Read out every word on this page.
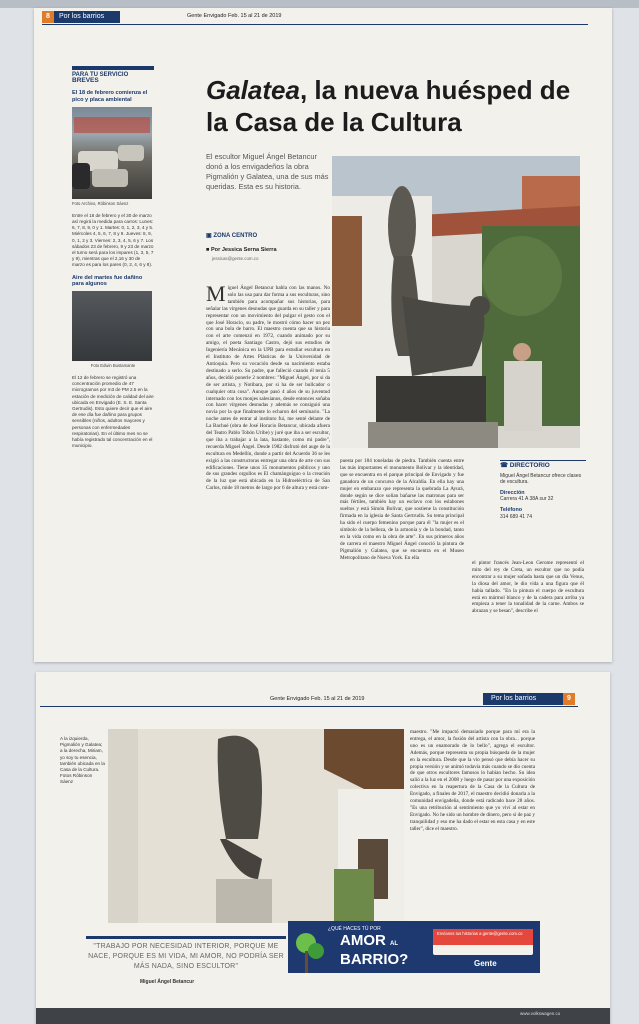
8	Por los barrios	Gente Envigado Feb. 15 al 21 de 2019
PARA TU SERVICIO
BREVES
El 18 de febrero comienza el pico y placa ambiental
Foto Archivo, Róbinson Sáenz

Entre el 18 de febrero y el 30 de marzo así regirá la medida para carros: Lunes: 6, 7, 8, 9, 0 y 1. Martes: 0, 1, 2, 3, 4 y 5. Miércoles 4, 5, 6, 7, 8 y 9. Jueves: 8, 9, 0, 1, 2 y 3. Viernes: 2, 3, 4, 5, 6 y 7. Los sábados 23 de febrero, 9 y 23 de marzo el turno será para los impares (1, 3, 5, 7 y 9), mientras que el 2,16 y 30 de marzo es para los pares (0, 2, 4, 6 y 8).

Aire del martes fue dañino para algunos
Foto Edwin Bustamante

El 12 de febrero se registró una concentración promedio de 47 microgramos por m3 de PM 2.5 en la estación de medición de calidad del aire ubicada en Envigado (E. S. E. Santa Gertrudis). Esto quiere decir que el aire de ese día fue dañino para grupos sensibles (niños, adultos mayores y personas con enfermedades respiratorias). En el último mes no se había registrado tal concentración en el municipio.

Galatea, la nueva huésped de la Casa de la Cultura
El escultor Miguel Ángel Betancur donó a los envigadeños la obra Pigmalión y Galatea, una de sus más queridas. Esta es su historia.
▣ ZONA CENTRO
■ Por Jessica Serna Sierra
jessicas@gente.com.co
Miguel Ángel Betancur habla con las manos. No solo las usa para dar forma a sus esculturas, sino también para acompañar sus historias, para señalar las vírgenes desnudas que guarda en su taller y para representar con un movimiento del pulgar el gesto con el que José Horacio, su padre, le mostró cómo hacer un pez con una bola de barro. El maestro cuenta que su historia con el arte comenzó en 1972, cuando animado por su amigo, el poeta Santiago Castro, dejó sus estudios de Ingeniería Mecánica en la UPB para estudiar escultura en el Instituto de Artes Plásticas de la Universidad de Antioquia. Pero su vocación desde su nacimiento estaba destinado a serlo. Su padre, que falleció cuando él tenía 5 años, decidió ponerle 2 nombres: "Miguel Ángel, por si da de ser artista, y Notibara, por si ha de ser bullcador o cualquier otra cosa". Aunque pasó 4 años de su juventud internado con los monjes salesianos, desde entonces soñaba con hacer vírgenes desnudas y además se consiguió una novia por la que finalmente lo echaron del seminario. "La noche antes de entrar al instituto fui, me senté delante de La Bachué (obra de José Horacio Betancur, ubicada afuera del Teatro Pablo Tobón Uribe) y juré que iba a ser escultor, que iba a trabajar a la lata, bastante, como mi padre", recuerda Miguel Ángel. Desde 1982 disfrutó del auge de la escultura en Medellín, donde a partir del Acuerdo 36 se les exigió a las constructoras entregar una obra de arte con sus edificaciones. Tiene unos 35 monumentos públicos y uno de sus grandes orgullos es El chamánguiguo o la creación de la luz que está ubicada en la Hidroeléctrica de San Carlos, mide 18 metros de largo por 6 de altura y está com-
puesta por 184 toneladas de piedra. También cuenta entre las más importantes el monumento Bolívar y la identidad, que se encuentra en el parque principal de Envigado y fue ganadora de un concurso de la Alcaldía. En ella hay una mujer en embarazo que representa la quebrada La Ayurá, donde según se dice solían bañarse las matronas para ser más fértiles, también hay un esclavo con los eslabones sueltos y está Simón Bolívar, que sostiene la constitución firmada en la iglesia de Santa Gertrudis. Su tema principal ha sido el cuerpo femenino porque para él "la mujer es el símbolo de la belleza, de la armonía y de la bondad, tanto en la vida como en la obra de arte". En sus primeros años de carrera el maestro Miguel Ángel conoció la pintura de Pigmalión y Galatea, que se encuentra en el Museo Metropolitano de Nueva York. En ella
☎ DIRECTORIO
Miguel Ángel Betancur ofrece clases de escultura.
Dirección
Carrera 41 A 38A sur 32
Teléfono
314 689 41 74
el pintor francés Jean-Leon Gerome representó el mito del rey de Creta, un escultor que no podía encontrar a su mujer soñada hasta que un día Venus, la diosa del amor, le dio vida a una figura que él había tallado. "En la pintura el cuerpo de escultura está en mármol blanco y de la cadera para arriba ya empieza a tener la tonalidad de la carne. Ambos se abrazan y se besan", describe el
Gente Envigado Feb. 15 al 21 de 2019	Por los barrios	9
A la izquierda, Pigmalión y Galatea; a la derecha, Miriam, yo soy tu esencia, también ubicada en la Casa de la Cultura. Fotos Róbinson Sáenz
maestro. "Me impactó demasiado porque para mí era la entrega, el amor, la fusión del artista con la obra... porque uno es un enamorado de lo bello", agrega el escultor. Además, porque representa su propia búsqueda de la mujer en la escultura. Desde que la vio pensó que debía hacer su propia versión y se animó todavía más cuando se dio cuenta de que otros escultores famosos lo habían hecho. Su idea salió a la luz en el 2008 y luego de pasar por una exposición colectiva en la reapertura de la Casa de la Cultura de Envigado, a finales de 2017, el maestro decidió donarla a la comunidad envigadeña, donde está radicado hace 28 años. "Es una retribución al sentimiento que yo viví al estar en Envigado. No he sido un hombre de dinero, pero sí de paz y tranquilidad y eso me ha dado el estar en esta casa y en este taller", dice el maestro.
"TRABAJO POR NECESIDAD INTERIOR, PORQUE ME NACE, PORQUE ES MI VIDA, MI AMOR, NO PODRÍA SER MÁS NADA, SINO ESCULTOR"
Miguel Ángel Betancur
¿QUÉ HACES TÚ POR
AMOR AL
BARRIO?
Envíanos tus historias a gente@gente.com.co
Gente
www.volkswagen.co
